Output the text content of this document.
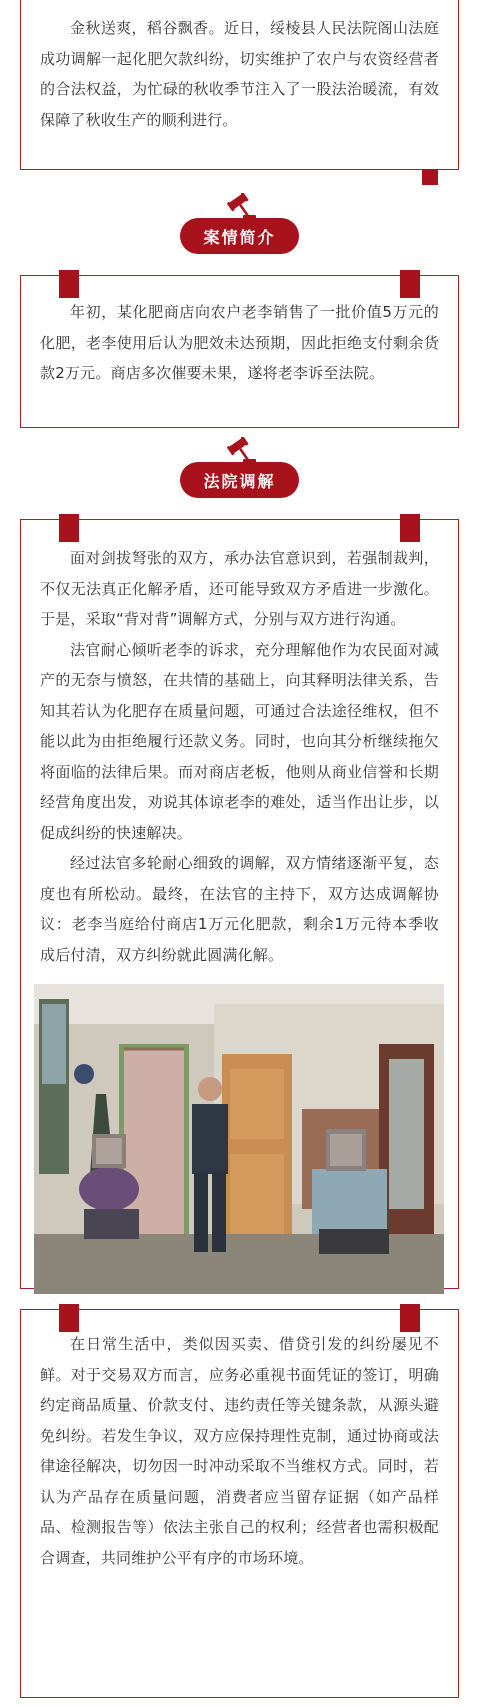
金秋送爽，稻谷飘香。近日，绥棱县人民法院阁山法庭成功调解一起化肥欠款纠纷，切实维护了农户与农资经营者的合法权益，为忙碌的秋收季节注入了一股法治暖流，有效保障了秋收生产的顺利进行。

案情简介

年初，某化肥商店向农户老李销售了一批价值5万元的化肥，老李使用后认为肥效未达预期，因此拒绝支付剩余货款2万元。商店多次催要未果，遂将老李诉至法院。

法院调解

面对剑拔弩张的双方，承办法官意识到，若强制裁判，不仅无法真正化解矛盾，还可能导致双方矛盾进一步激化。于是，采取“背对背”调解方式，分别与双方进行沟通。

法官耐心倾听老李的诉求，充分理解他作为农民面对减产的无奈与愤怒，在共情的基础上，向其释明法律关系，告知其若认为化肥存在质量问题，可通过合法途径维权，但不能以此为由拒绝履行还款义务。同时，也向其分析继续拖欠将面临的法律后果。而对商店老板，他则从商业信誉和长期经营角度出发，劝说其体谅老李的难处，适当作出让步，以促成纠纷的快速解决。

经过法官多轮耐心细致的调解，双方情绪逐渐平复，态度也有所松动。最终，在法官的主持下，双方达成调解协议：老李当庭给付商店1万元化肥款，剩余1万元待本季收成后付清，双方纠纷就此圆满化解。

在日常生活中，类似因买卖、借贷引发的纠纷屡见不鲜。对于交易双方而言，应务必重视书面凭证的签订，明确约定商品质量、价款支付、违约责任等关键条款，从源头避免纠纷。若发生争议，双方应保持理性克制，通过协商或法律途径解决，切勿因一时冲动采取不当维权方式。同时，若认为产品存在质量问题，消费者应当留存证据（如产品样品、检测报告等）依法主张自己的权利；经营者也需积极配合调查，共同维护公平有序的市场环境。
